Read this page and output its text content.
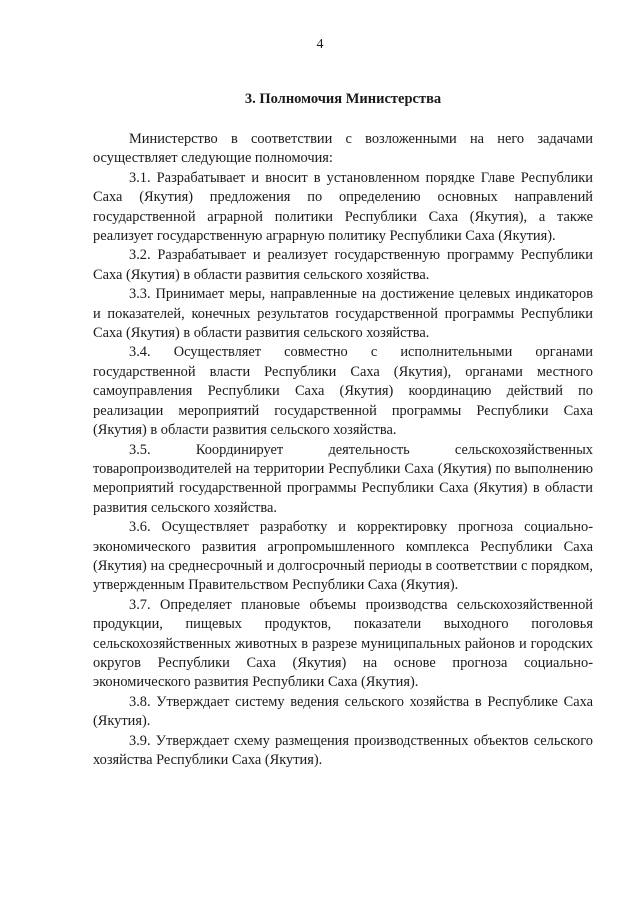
4
3. Полномочия Министерства

Министерство в соответствии с возложенными на него задачами осуществляет следующие полномочия:

3.1. Разрабатывает и вносит в установленном порядке Главе Республики Саха (Якутия) предложения по определению основных направлений государственной аграрной политики Республики Саха (Якутия), а также реализует государственную аграрную политику Республики Саха (Якутия).

3.2. Разрабатывает и реализует государственную программу Республики Саха (Якутия) в области развития сельского хозяйства.

3.3. Принимает меры, направленные на достижение целевых индикаторов и показателей, конечных результатов государственной программы Республики Саха (Якутия) в области развития сельского хозяйства.

3.4. Осуществляет совместно с исполнительными органами государственной власти Республики Саха (Якутия), органами местного самоуправления Республики Саха (Якутия) координацию действий по реализации мероприятий государственной программы Республики Саха (Якутия) в области развития сельского хозяйства.

3.5. Координирует деятельность сельскохозяйственных товаропроизводителей на территории Республики Саха (Якутия) по выполнению мероприятий государственной программы Республики Саха (Якутия) в области развития сельского хозяйства.

3.6. Осуществляет разработку и корректировку прогноза социально-экономического развития агропромышленного комплекса Республики Саха (Якутия) на среднесрочный и долгосрочный периоды в соответствии с порядком, утвержденным Правительством Республики Саха (Якутия).

3.7. Определяет плановые объемы производства сельскохозяйственной продукции, пищевых продуктов, показатели выходного поголовья сельскохозяйственных животных в разрезе муниципальных районов и городских округов Республики Саха (Якутия) на основе прогноза социально-экономического развития Республики Саха (Якутия).

3.8. Утверждает систему ведения сельского хозяйства в Республике Саха (Якутия).

3.9. Утверждает схему размещения производственных объектов сельского хозяйства Республики Саха (Якутия).
